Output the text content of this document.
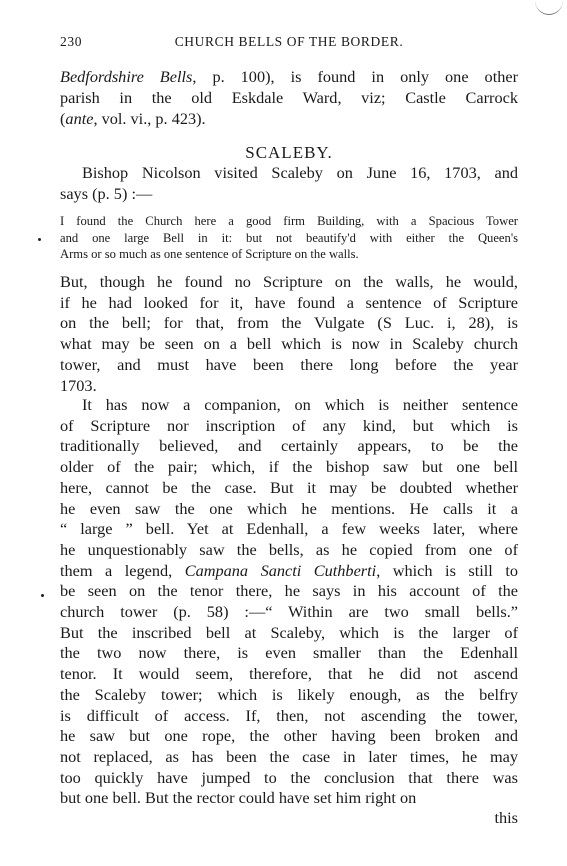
230	CHURCH BELLS OF THE BORDER.
Bedfordshire Bells, p. 100), is found in only one other
parish in the old Eskdale Ward, viz; Castle Carrock
(ante, vol. vi., p. 423).
SCALEBY.
Bishop Nicolson visited Scaleby on June 16, 1703, and
says (p. 5) :—
I found the Church here a good firm Building, with a Spacious Tower
and one large Bell in it: but not beautify'd with either the Queen's
Arms or so much as one sentence of Scripture on the walls.
But, though he found no Scripture on the walls, he would,
if he had looked for it, have found a sentence of Scripture
on the bell; for that, from the Vulgate (S Luc. i, 28), is
what may be seen on a bell which is now in Scaleby church
tower, and must have been there long before the year
1703.
It has now a companion, on which is neither sentence
of Scripture nor inscription of any kind, but which is
traditionally believed, and certainly appears, to be the
older of the pair; which, if the bishop saw but one bell
here, cannot be the case. But it may be doubted whether
he even saw the one which he mentions. He calls it a
“ large ” bell. Yet at Edenhall, a few weeks later, where
he unquestionably saw the bells, as he copied from one of
them a legend, Campana Sancti Cuthberti, which is still to
be seen on the tenor there, he says in his account of the
church tower (p. 58) :—“ Within are two small bells.”
But the inscribed bell at Scaleby, which is the larger of
the two now there, is even smaller than the Edenhall
tenor. It would seem, therefore, that he did not ascend
the Scaleby tower; which is likely enough, as the belfry
is difficult of access. If, then, not ascending the tower,
he saw but one rope, the other having been broken and
not replaced, as has been the case in later times, he may
too quickly have jumped to the conclusion that there was
but one bell. But the rector could have set him right on
this
